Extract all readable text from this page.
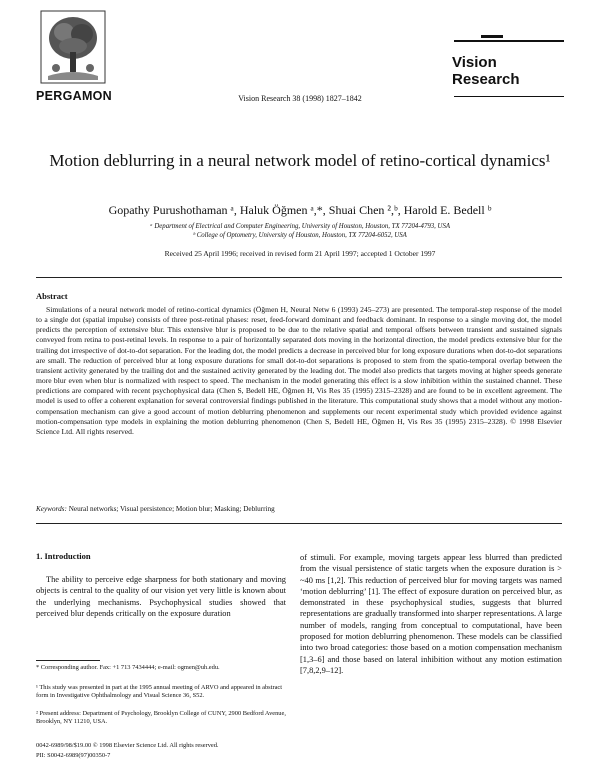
PERGAMON	Vision Research 38 (1998) 1827–1842
Vision
Research
Motion deblurring in a neural network model of retino-cortical dynamics¹
Gopathy Purushothaman ᵃ, Haluk Öğmen ᵃ,*, Shuai Chen ²,ᵇ, Harold E. Bedell ᵇ
ᵃ Department of Electrical and Computer Engineering, University of Houston, Houston, TX 77204-4793, USA
ᵇ College of Optometry, University of Houston, Houston, TX 77204-6052, USA
Received 25 April 1996; received in revised form 21 April 1997; accepted 1 October 1997
Abstract
Simulations of a neural network model of retino-cortical dynamics (Öğmen H, Neural Netw 6 (1993) 245–273) are presented. The temporal-step response of the model to a single dot (spatial impulse) consists of three post-retinal phases: reset, feed-forward dominant and feedback dominant. In response to a single moving dot, the model predicts the perception of extensive blur. This extensive blur is proposed to be due to the relative spatial and temporal offsets between transient and sustained signals conveyed from retina to post-retinal levels. In response to a pair of horizontally separated dots moving in the horizontal direction, the model predicts extensive blur for the trailing dot irrespective of dot-to-dot separation. For the leading dot, the model predicts a decrease in perceived blur for long exposure durations when dot-to-dot separations are small. The reduction of perceived blur at long exposure durations for small dot-to-dot separations is proposed to stem from the spatio-temporal overlap between the transient activity generated by the trailing dot and the sustained activity generated by the leading dot. The model also predicts that targets moving at higher speeds generate more blur even when blur is normalized with respect to speed. The mechanism in the model generating this effect is a slow inhibition within the sustained channel. These predictions are compared with recent psychophysical data (Chen S, Bedell HE, Öğmen H, Vis Res 35 (1995) 2315–2328) and are found to be in excellent agreement. The model is used to offer a coherent explanation for several controversial findings published in the literature. This computational study shows that a model without any motion-compensation mechanism can give a good account of motion deblurring phenomenon and supplements our recent experimental study which provided evidence against motion-compensation type models in explaining the motion deblurring phenomenon (Chen S, Bedell HE, Öğmen H, Vis Res 35 (1995) 2315–2328). © 1998 Elsevier Science Ltd. All rights reserved.
Keywords: Neural networks; Visual persistence; Motion blur; Masking; Deblurring
1. Introduction
The ability to perceive edge sharpness for both stationary and moving objects is central to the quality of our vision yet very little is known about the underlying mechanisms. Psychophysical studies showed that perceived blur depends critically on the exposure duration
of stimuli. For example, moving targets appear less blurred than predicted from the visual persistence of static targets when the exposure duration is > ~40 ms [1,2]. This reduction of perceived blur for moving targets was named ‘motion deblurring’ [1]. The effect of exposure duration on perceived blur, as demonstrated in these psychophysical studies, suggests that blurred representations are gradually transformed into sharper representations. A large number of models, ranging from conceptual to computational, have been proposed for motion deblurring phenomenon. These models can be classified into two broad categories: those based on a motion compensation mechanism [1,3–6] and those based on lateral inhibition without any motion estimation [7,8,2,9–12].
* Corresponding author. Fax: +1 713 7434444; e-mail: ogmen@uh.edu.
¹ This study was presented in part at the 1995 annual meeting of ARVO and appeared in abstract form in Investigative Ophthalmology and Visual Science 36, S52.
² Present address: Department of Psychology, Brooklyn College of CUNY, 2900 Bedford Avenue, Brooklyn, NY 11210, USA.
0042-6989/98/$19.00 © 1998 Elsevier Science Ltd. All rights reserved.
PII: S0042-6989(97)00350-7
